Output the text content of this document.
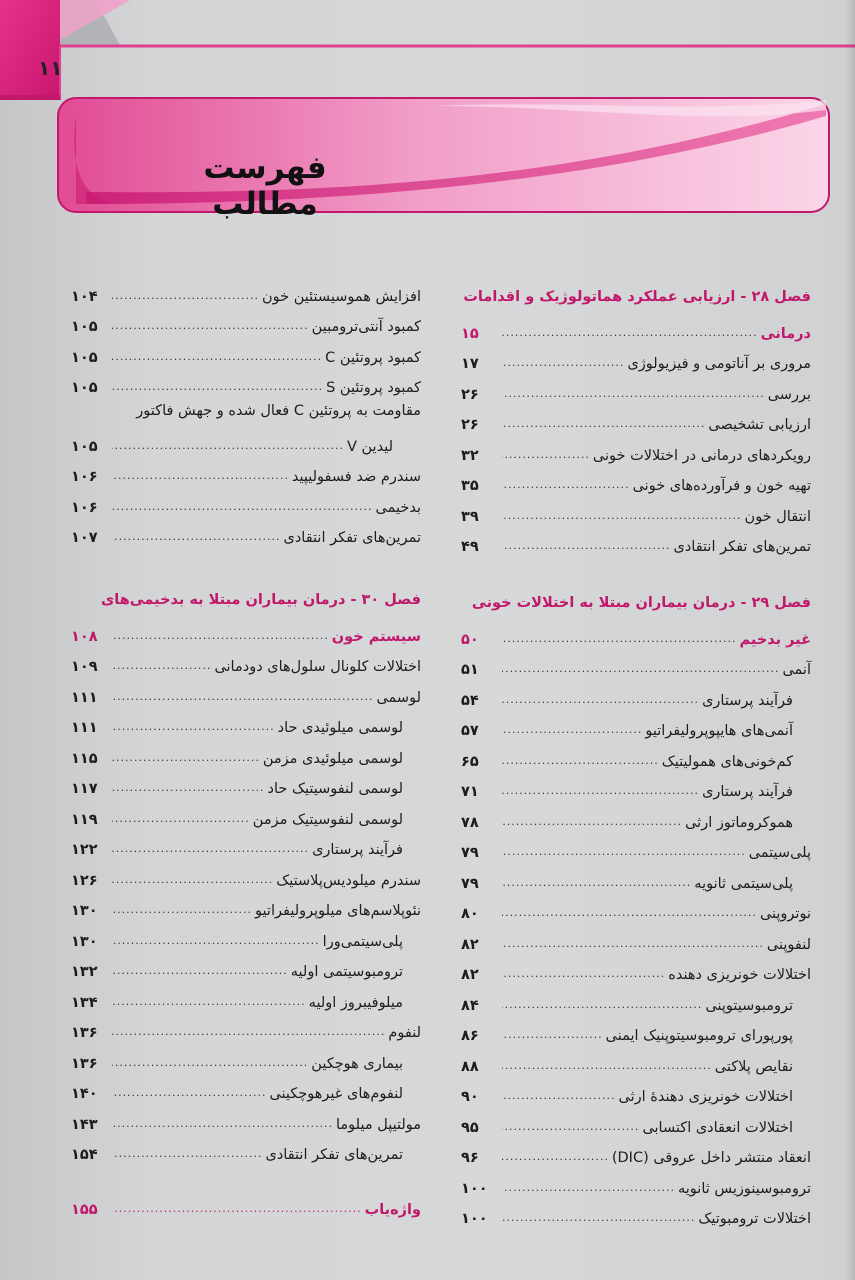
۱۱
فهرست مطالب
فصل ۲۸ - ارزیابی عملکرد هماتولوژیک و اقدامات
درمانی
.....
۱۵
مروری بر آناتومی و فیزیولوژی
.....
۱۷
بررسی
.....
۲۶
ارزیابی تشخیصی
.....
۲۶
رویکردهای درمانی در اختلالات خونی
.....
۳۲
تهیه خون و فرآورده‌های خونی
.....
۳۵
انتقال خون
.....
۳۹
تمرین‌های تفکر انتقادی
.....
۴۹
فصل ۲۹ - درمان بیماران مبتلا به اختلالات خونی
غیر بدخیم
.....
۵۰
آنمی
.....
۵۱
فرآیند پرستاری
.....
۵۴
آنمی‌های هایپوپرولیفراتیو
.....
۵۷
کم‌خونی‌های همولیتیک
.....
۶۵
فرآیند پرستاری
.....
۷۱
هموکروماتوز ارثی
.....
۷۸
پلی‌سیتمی
.....
۷۹
پلی‌سیتمی ثانویه
.....
۷۹
نوتروپنی
.....
۸۰
لنفوپنی
.....
۸۲
اختلالات خونریزی دهنده
.....
۸۲
ترومبوسیتوپنی
.....
۸۴
پورپورای ترومبوسیتوپنیک ایمنی
.....
۸۶
نقایص پلاکتی
.....
۸۸
اختلالات خونریزی دهندهٔ ارثی
.....
۹۰
اختلالات انعقادی اکتسابی
.....
۹۵
انعقاد منتشر داخل عروقی (DIC)
.....
۹۶
ترومبوسینوزیس ثانویه
.....
۱۰۰
اختلالات ترومبوتیک
.....
۱۰۰
افزایش هموسیستئین خون
.....
۱۰۴
کمبود آنتی‌ترومبین
.....
۱۰۵
کمبود پروتئین C
.....
۱۰۵
کمبود پروتئین S
.....
۱۰۵
مقاومت به پروتئین C فعال شده و جهش فاکتور
لیدین V
.....
۱۰۵
سندرم ضد فسفولیپید
.....
۱۰۶
بدخیمی
.....
۱۰۶
تمرین‌های تفکر انتقادی
.....
۱۰۷
فصل ۳۰ - درمان بیماران مبتلا به بدخیمی‌های
سیستم خون
.....
۱۰۸
اختلالات کلونال سلول‌های دودمانی
.....
۱۰۹
لوسمی
.....
۱۱۱
لوسمی میلوئیدی حاد
.....
۱۱۱
لوسمی میلوئیدی مزمن
.....
۱۱۵
لوسمی لنفوسیتیک حاد
.....
۱۱۷
لوسمی لنفوسیتیک مزمن
.....
۱۱۹
فرآیند پرستاری
.....
۱۲۲
سندرم میلودیس‌پلاستیک
.....
۱۲۶
نئوپلاسم‌های میلوپرولیفراتیو
.....
۱۳۰
پلی‌سیتمی‌ورا
.....
۱۳۰
ترومبوسیتمی اولیه
.....
۱۳۲
میلوفیبروز اولیه
.....
۱۳۴
لنفوم
.....
۱۳۶
بیماری هوچکین
.....
۱۳۶
لنفوم‌های غیرهوچکینی
.....
۱۴۰
مولتیپل میلوما
.....
۱۴۳
تمرین‌های تفکر انتقادی
.....
۱۵۴
واژه‌یاب
.....
۱۵۵
